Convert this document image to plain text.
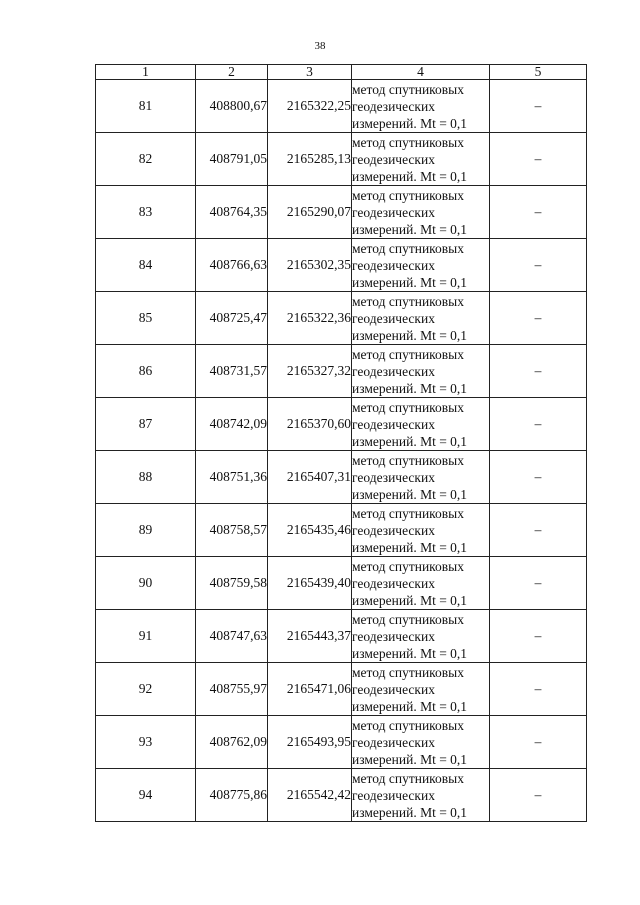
38
1	2	3	4	5
81	408800,67	2165322,25	метод спутниковых
геодезических
измерений. Mt = 0,1	–
82	408791,05	2165285,13	метод спутниковых
геодезических
измерений. Mt = 0,1	–
83	408764,35	2165290,07	метод спутниковых
геодезических
измерений. Mt = 0,1	–
84	408766,63	2165302,35	метод спутниковых
геодезических
измерений. Mt = 0,1	–
85	408725,47	2165322,36	метод спутниковых
геодезических
измерений. Mt = 0,1	–
86	408731,57	2165327,32	метод спутниковых
геодезических
измерений. Mt = 0,1	–
87	408742,09	2165370,60	метод спутниковых
геодезических
измерений. Mt = 0,1	–
88	408751,36	2165407,31	метод спутниковых
геодезических
измерений. Mt = 0,1	–
89	408758,57	2165435,46	метод спутниковых
геодезических
измерений. Mt = 0,1	–
90	408759,58	2165439,40	метод спутниковых
геодезических
измерений. Mt = 0,1	–
91	408747,63	2165443,37	метод спутниковых
геодезических
измерений. Mt = 0,1	–
92	408755,97	2165471,06	метод спутниковых
геодезических
измерений. Mt = 0,1	–
93	408762,09	2165493,95	метод спутниковых
геодезических
измерений. Mt = 0,1	–
94	408775,86	2165542,42	метод спутниковых
геодезических
измерений. Mt = 0,1	–
